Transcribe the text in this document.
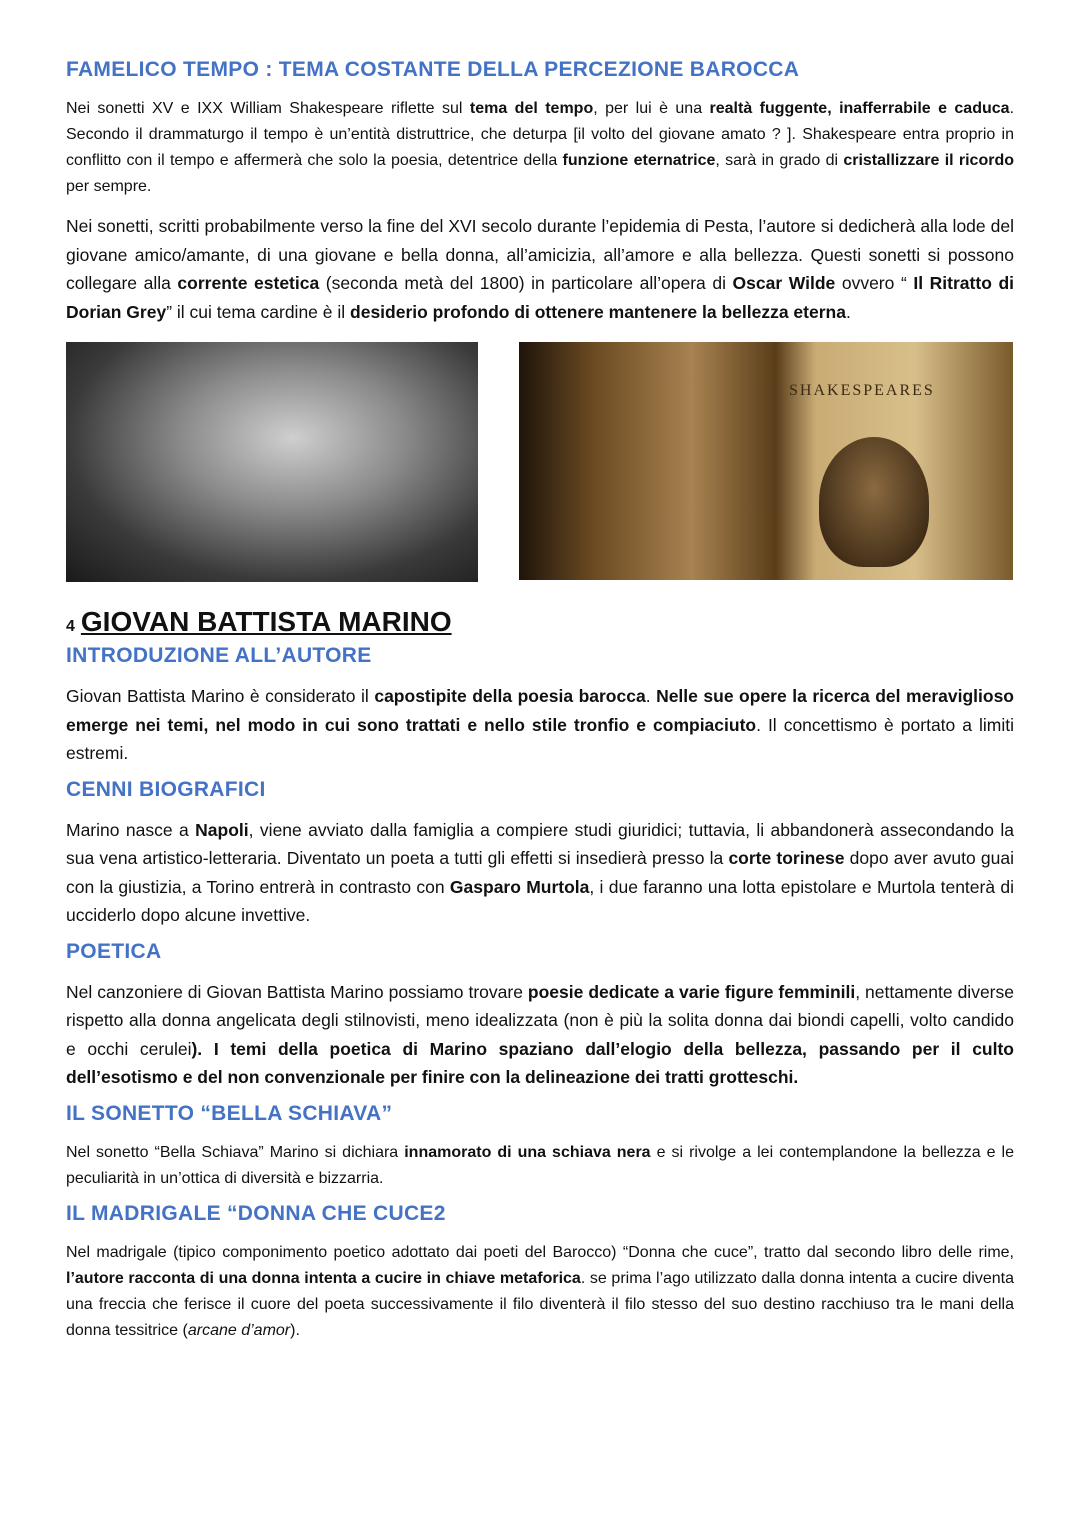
FAMELICO TEMPO : TEMA COSTANTE DELLA PERCEZIONE BAROCCA

Nei sonetti XV e IXX William Shakespeare riflette sul tema del tempo, per lui è una realtà fuggente, inafferrabile e caduca. Secondo il drammaturgo il tempo è un’entità distruttrice, che deturpa [il volto del giovane amato ? ]. Shakespeare entra proprio in conflitto con il tempo e affermerà che solo la poesia, detentrice della funzione eternatrice, sarà in grado di cristallizzare il ricordo per sempre.

Nei sonetti, scritti probabilmente verso la fine del XVI secolo durante l’epidemia di Pesta, l’autore si dedicherà alla lode del giovane amico/amante, di una giovane e bella donna, all’amicizia, all’amore e alla bellezza. Questi sonetti si possono collegare alla corrente estetica (seconda metà del 1800) in particolare all’opera di Oscar Wilde ovvero “ Il Ritratto di Dorian Grey” il cui tema cardine è il desiderio profondo di ottenere mantenere la bellezza eterna.

SHAKESPEARES
4 GIOVAN BATTISTA MARINO
INTRODUZIONE ALL’AUTORE

Giovan Battista Marino è considerato il capostipite della poesia barocca. Nelle sue opere la ricerca del meraviglioso emerge nei temi, nel modo in cui sono trattati e nello stile tronfio e compiaciuto. Il concettismo è portato a limiti estremi.

CENNI BIOGRAFICI

Marino nasce a Napoli, viene avviato dalla famiglia a compiere studi giuridici; tuttavia, li abbandonerà assecondando la sua vena artistico-letteraria. Diventato un poeta a tutti gli effetti si insedierà presso la corte torinese dopo aver avuto guai con la giustizia, a Torino entrerà in contrasto con Gasparo Murtola, i due faranno una lotta epistolare e Murtola tenterà di ucciderlo dopo alcune invettive.

POETICA

Nel canzoniere di Giovan Battista Marino possiamo trovare poesie dedicate a varie figure femminili, nettamente diverse rispetto alla donna angelicata degli stilnovisti, meno idealizzata (non è più la solita donna dai biondi capelli, volto candido e occhi cerulei). I temi della poetica di Marino spaziano dall’elogio della bellezza, passando per il culto dell’esotismo e del non convenzionale per finire con la delineazione dei tratti grotteschi.

IL SONETTO “BELLA SCHIAVA”

Nel sonetto “Bella Schiava” Marino si dichiara innamorato di una schiava nera e si rivolge a lei contemplandone la bellezza e le peculiarità in un’ottica di diversità e bizzarria.

IL MADRIGALE “DONNA CHE CUCE2

Nel madrigale (tipico componimento poetico adottato dai poeti del Barocco) “Donna che cuce”, tratto dal secondo libro delle rime, l’autore racconta di una donna intenta a cucire in chiave metaforica. se prima l’ago utilizzato dalla donna intenta a cucire diventa una freccia che ferisce il cuore del poeta successivamente il filo diventerà il filo stesso del suo destino racchiuso tra le mani della donna tessitrice (arcane d’amor).
